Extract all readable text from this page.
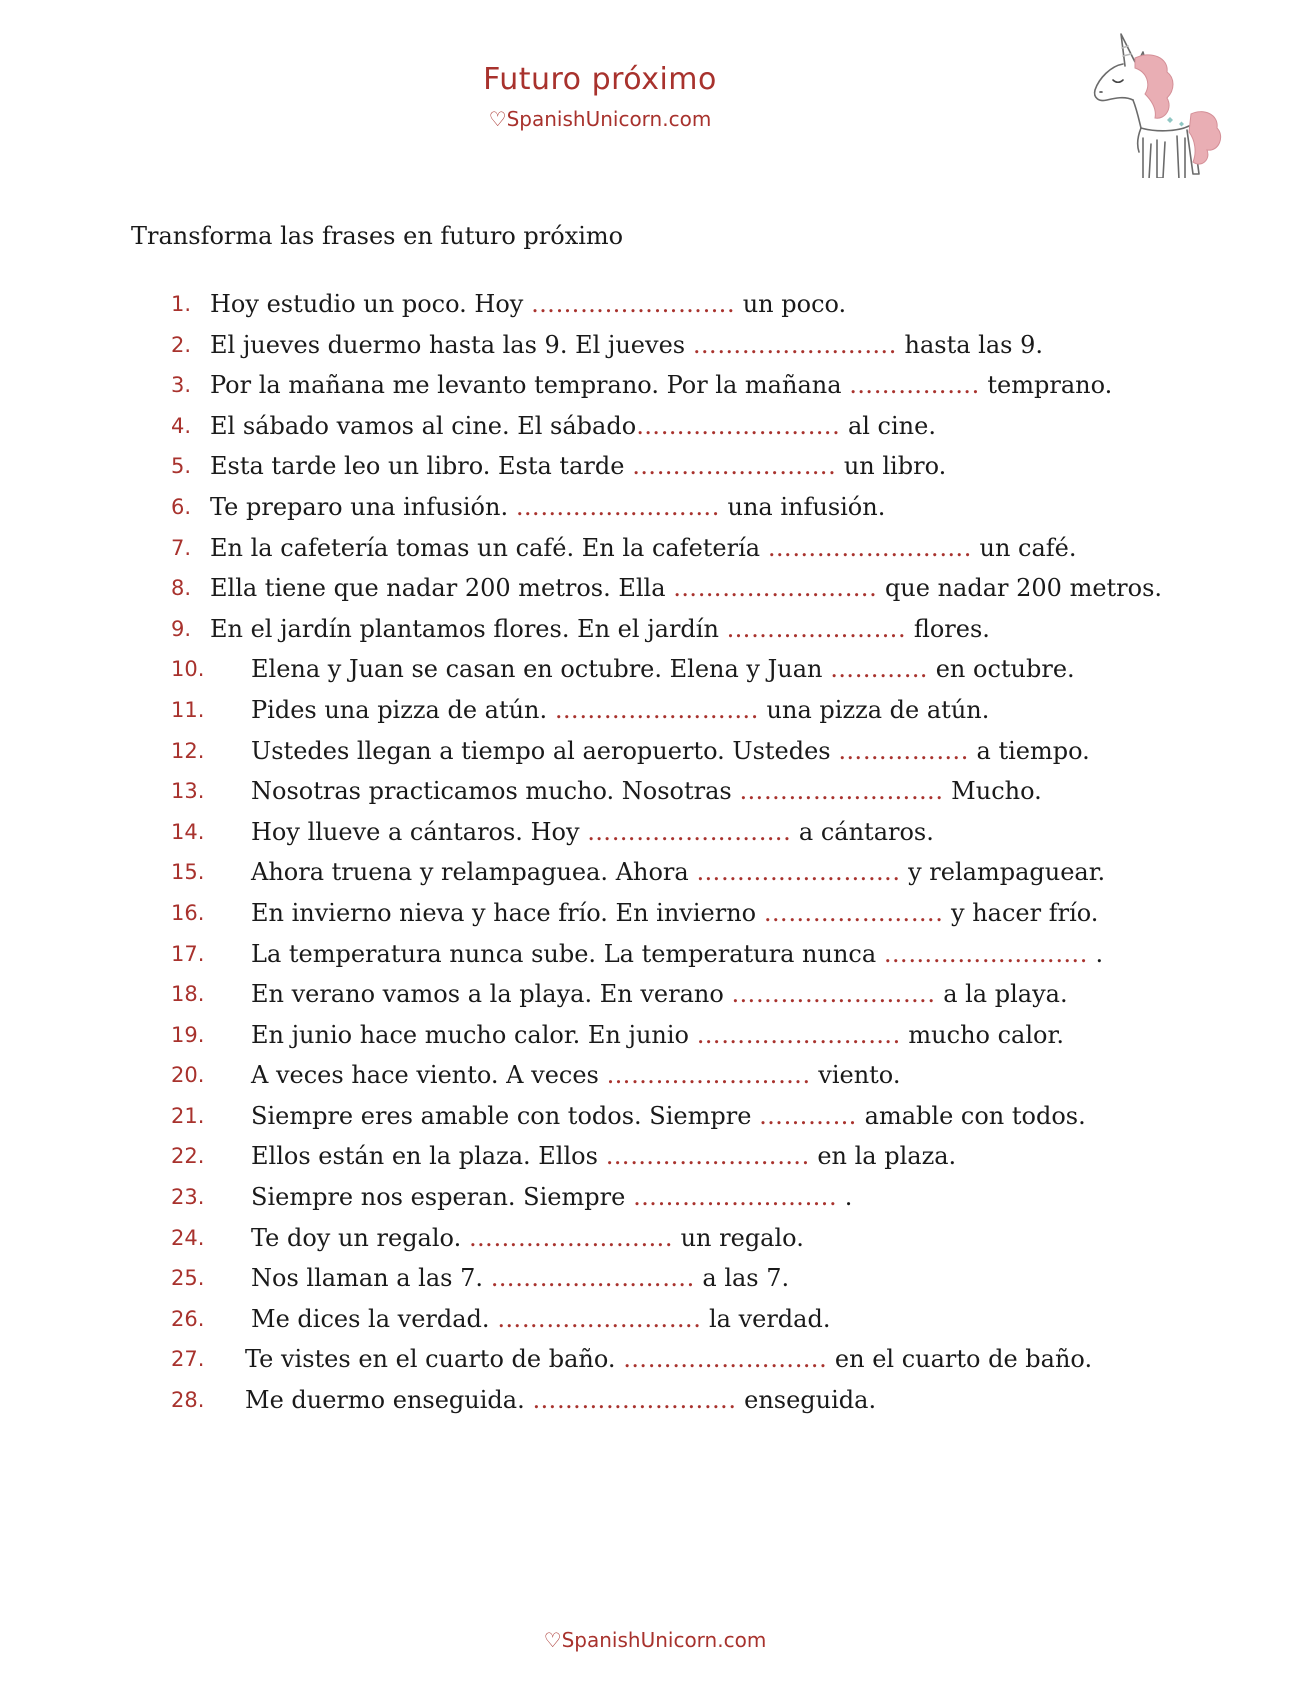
Futuro próximo
♡SpanishUnicorn.com
Transforma las frases en futuro próximo
1. Hoy estudio un poco. Hoy ……………………. un poco.
2. El jueves duermo hasta las 9. El jueves ……………………. hasta las 9.
3. Por la mañana me levanto temprano. Por la mañana ……………. temprano.
4. El sábado vamos al cine. El sábado……………………. al cine.
5. Esta tarde leo un libro. Esta tarde ……………………. un libro.
6. Te preparo una infusión. ……………………. una infusión.
7. En la cafetería tomas un café. En la cafetería ……………………. un café.
8. Ella tiene que nadar 200 metros. Ella ……………………. que nadar 200 metros.
9. En el jardín plantamos flores. En el jardín …………………. flores.
10. Elena y Juan se casan en octubre. Elena y Juan ………… en octubre.
11. Pides una pizza de atún. ……………………. una pizza de atún.
12. Ustedes llegan a tiempo al aeropuerto. Ustedes ……………. a tiempo.
13. Nosotras practicamos mucho. Nosotras ……………………. Mucho.
14. Hoy llueve a cántaros. Hoy ……………………. a cántaros.
15. Ahora truena y relampaguea. Ahora ……………………. y relampaguear.
16. En invierno nieva y hace frío. En invierno …………………. y hacer frío.
17. La temperatura nunca sube. La temperatura nunca ……………………. .
18. En verano vamos a la playa. En verano ……………………. a la playa.
19. En junio hace mucho calor. En junio ……………………. mucho calor.
20. A veces hace viento. A veces ……………………. viento.
21. Siempre eres amable con todos. Siempre ………… amable con todos.
22. Ellos están en la plaza. Ellos ……………………. en la plaza.
23. Siempre nos esperan. Siempre ……………………. .
24. Te doy un regalo. ……………………. un regalo.
25. Nos llaman a las 7. ……………………. a las 7.
26. Me dices la verdad. ……………………. la verdad.
27. Te vistes en el cuarto de baño. ……………………. en el cuarto de baño.
28. Me duermo enseguida. ……………………. enseguida.
♡SpanishUnicorn.com
